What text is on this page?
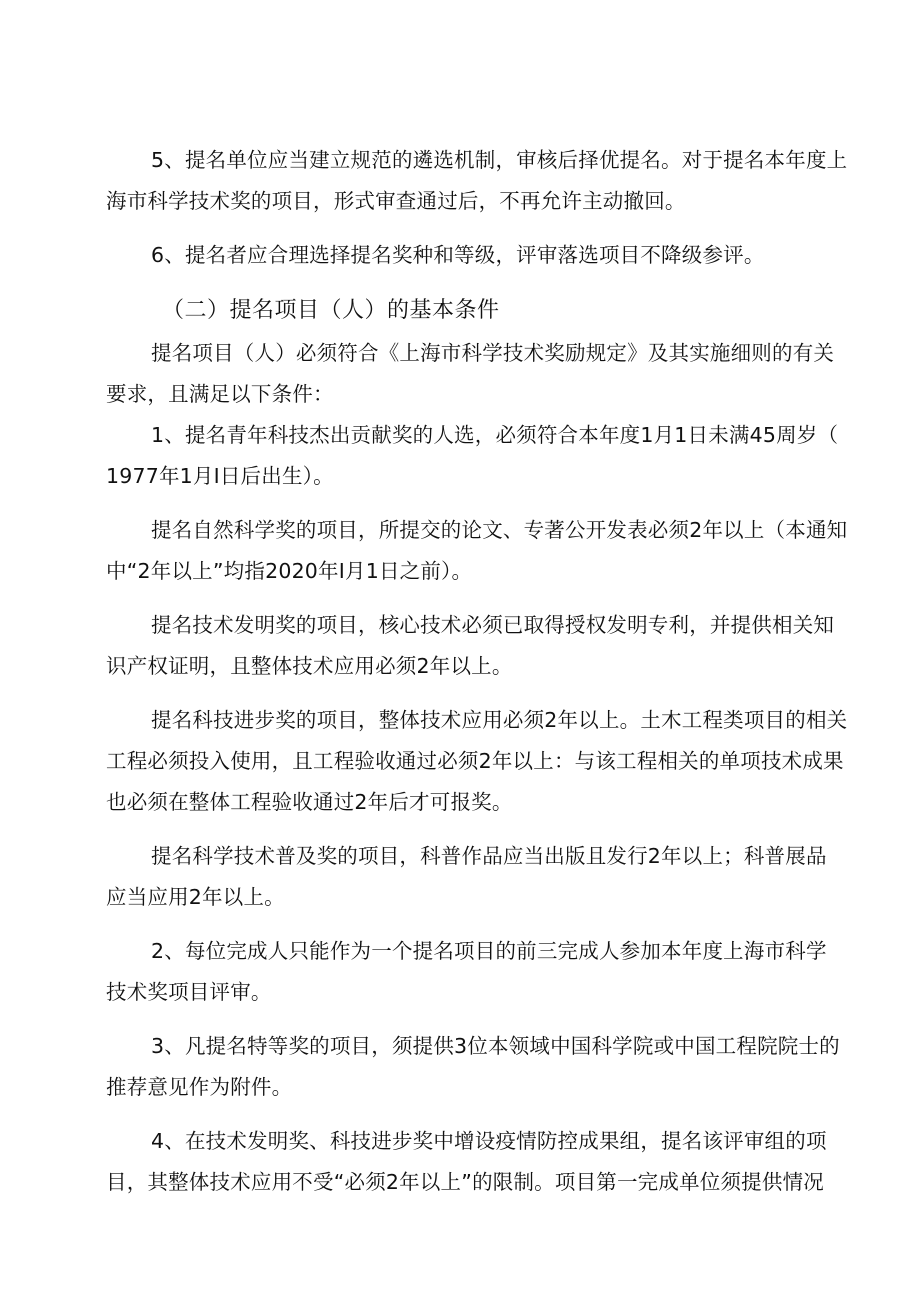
5、提名单位应当建立规范的遴选机制，审核后择优提名。对于提名本年度上
海市科学技术奖的项目，形式审查通过后，不再允许主动撤回。

6、提名者应合理选择提名奖种和等级，评审落选项目不降级参评。

（二）提名项目（人）的基本条件

提名项目（人）必须符合《上海市科学技术奖励规定》及其实施细则的有关
要求，且满足以下条件：

1、提名青年科技杰出贡献奖的人选，必须符合本年度1月1日未满45周岁（
1977年1月I日后出生）。

提名自然科学奖的项目，所提交的论文、专著公开发表必须2年以上（本通知
中“2年以上”均指2020年I月1日之前）。

提名技术发明奖的项目，核心技术必须已取得授权发明专利，并提供相关知
识产权证明，且整体技术应用必须2年以上。

提名科技进步奖的项目，整体技术应用必须2年以上。土木工程类项目的相关
工程必须投入使用，且工程验收通过必须2年以上：与该工程相关的单项技术成果
也必须在整体工程验收通过2年后才可报奖。

提名科学技术普及奖的项目，科普作品应当出版且发行2年以上；科普展品
应当应用2年以上。

2、每位完成人只能作为一个提名项目的前三完成人参加本年度上海市科学
技术奖项目评审。

3、凡提名特等奖的项目，须提供3位本领域中国科学院或中国工程院院士的
推荐意见作为附件。

4、在技术发明奖、科技进步奖中增设疫情防控成果组，提名该评审组的项
目，其整体技术应用不受“必须2年以上”的限制。项目第一完成单位须提供情况
